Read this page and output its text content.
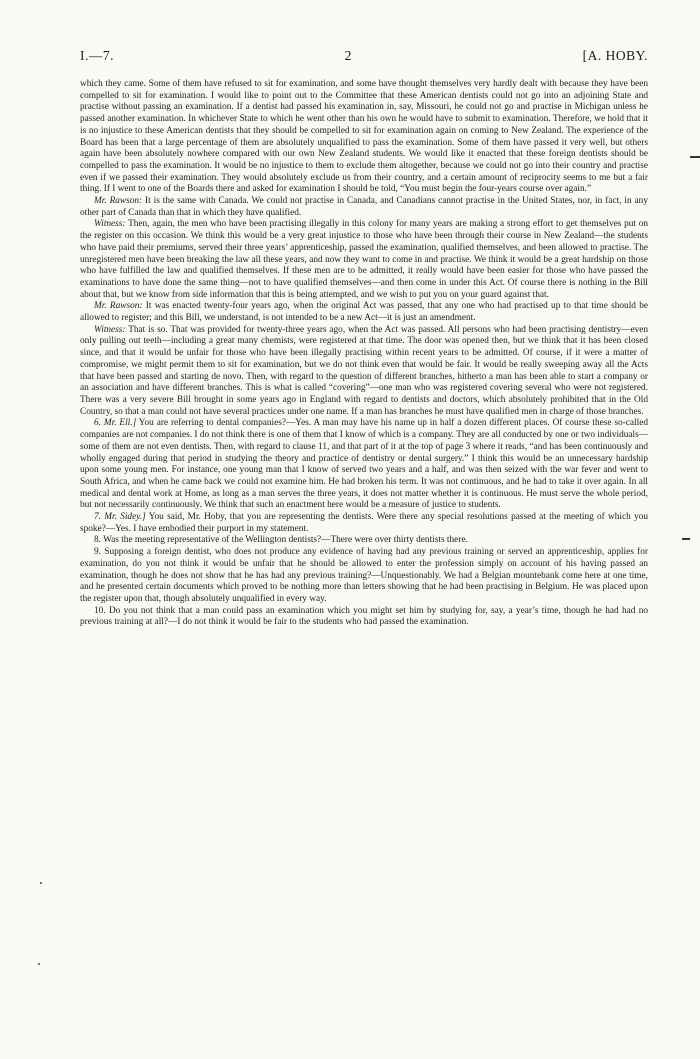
I.—7.	2	[A. HOBY.

which they came. Some of them have refused to sit for examination, and some have thought themselves very hardly dealt with because they have been compelled to sit for examination. I would like to point out to the Committee that these American dentists could not go into an adjoining State and practise without passing an examination. If a dentist had passed his examination in, say, Missouri, he could not go and practise in Michigan unless he passed another examination. In whichever State to which he went other than his own he would have to submit to examination. Therefore, we hold that it is no injustice to these American dentists that they should be compelled to sit for examination again on coming to New Zealand. The experience of the Board has been that a large percentage of them are absolutely unqualified to pass the examination. Some of them have passed it very well, but others again have been absolutely nowhere compared with our own New Zealand students. We would like it enacted that these foreign dentists should be compelled to pass the examination. It would be no injustice to them to exclude them altogether, because we could not go into their country and practise even if we passed their examination. They would absolutely exclude us from their country, and a certain amount of reciprocity seems to me but a fair thing. If I went to one of the Boards there and asked for examination I should be told, “You must begin the four-years course over again.”

Mr. Rawson: It is the same with Canada. We could not practise in Canada, and Canadians cannot practise in the United States, nor, in fact, in any other part of Canada than that in which they have qualified.

Witness: Then, again, the men who have been practising illegally in this colony for many years are making a strong effort to get themselves put on the register on this occasion. We think this would be a very great injustice to those who have been through their course in New Zealand—the students who have paid their premiums, served their three years’ apprenticeship, passed the examination, qualified themselves, and been allowed to practise. The unregistered men have been breaking the law all these years, and now they want to come in and practise. We think it would be a great hardship on those who have fulfilled the law and qualified themselves. If these men are to be admitted, it really would have been easier for those who have passed the examinations to have done the same thing—not to have qualified themselves—and then come in under this Act. Of course there is nothing in the Bill about that, but we know from side information that this is being attempted, and we wish to put you on your guard against that.

Mr. Rawson: It was enacted twenty-four years ago, when the original Act was passed, that any one who had practised up to that time should be allowed to register; and this Bill, we understand, is not intended to be a new Act—it is just an amendment.

Witness: That is so. That was provided for twenty-three years ago, when the Act was passed. All persons who had been practising dentistry—even only pulling out teeth—including a great many chemists, were registered at that time. The door was opened then, but we think that it has been closed since, and that it would be unfair for those who have been illegally practising within recent years to be admitted. Of course, if it were a matter of compromise, we might permit them to sit for examination, but we do not think even that would be fair. It would be really sweeping away all the Acts that have been passed and starting de novo. Then, with regard to the question of different branches, hitherto a man has been able to start a company or an association and have different branches. This is what is called “covering”—one man who was registered covering several who were not registered. There was a very severe Bill brought in some years ago in England with regard to dentists and doctors, which absolutely prohibited that in the Old Country, so that a man could not have several practices under one name. If a man has branches he must have qualified men in charge of those branches.

6. Mr. Ell.] You are referring to dental companies?—Yes. A man may have his name up in half a dozen different places. Of course these so-called companies are not companies. I do not think there is one of them that I know of which is a company. They are all conducted by one or two individuals—some of them are not even dentists. Then, with regard to clause 11, and that part of it at the top of page 3 where it reads, “and has been continuously and wholly engaged during that period in studying the theory and practice of dentistry or dental surgery.” I think this would be an unnecessary hardship upon some young men. For instance, one young man that I know of served two years and a half, and was then seized with the war fever and went to South Africa, and when he came back we could not examine him. He had broken his term. It was not continuous, and he had to take it over again. In all medical and dental work at Home, as long as a man serves the three years, it does not matter whether it is continuous. He must serve the whole period, but not necessarily continuously. We think that such an enactment here would be a measure of justice to students.

7. Mr. Sidey.] You said, Mr. Hoby, that you are representing the dentists. Were there any special resolutions passed at the meeting of which you spoke?—Yes. I have embodied their purport in my statement.

8. Was the meeting representative of the Wellington dentists?—There were over thirty dentists there.

9. Supposing a foreign dentist, who does not produce any evidence of having had any previous training or served an apprenticeship, applies for examination, do you not think it would be unfair that he should be allowed to enter the profession simply on account of his having passed an examination, though he does not show that he has had any previous training?—Unquestionably. We had a Belgian mountebank come here at one time, and he presented certain documents which proved to be nothing more than letters showing that he had been practising in Belgium. He was placed upon the register upon that, though absolutely unqualified in every way.

10. Do you not think that a man could pass an examination which you might set him by studying for, say, a year’s time, though he had had no previous training at all?—I do not think it would be fair to the students who had passed the examination.
